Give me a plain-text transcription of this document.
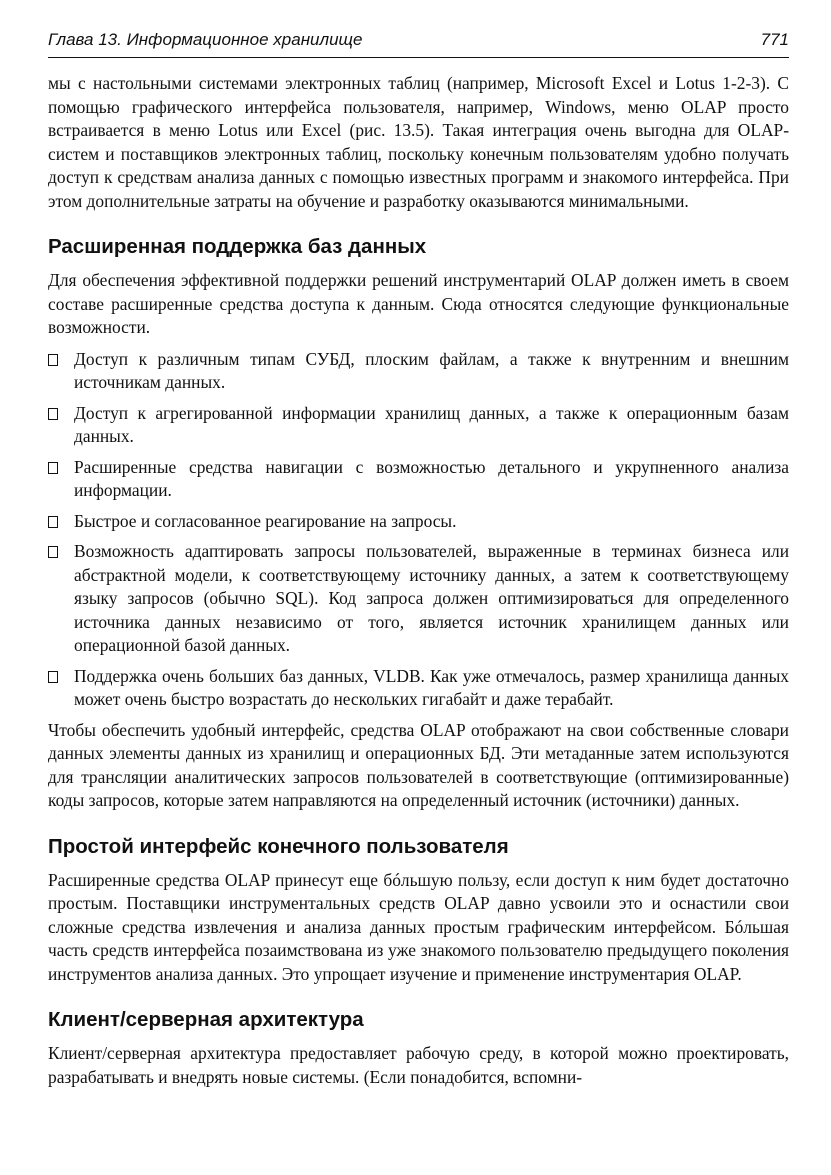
Глава 13. Информационное хранилище	771

мы с настольными системами электронных таблиц (например, Microsoft Excel и Lotus 1-2-3). С помощью графического интерфейса пользователя, например, Windows, меню OLAP просто встраивается в меню Lotus или Excel (рис. 13.5). Такая интеграция очень выгодна для OLAP-систем и поставщиков электронных таблиц, поскольку конечным пользователям удобно получать доступ к средствам анализа данных с помощью известных программ и знакомого интерфейса. При этом дополнительные затраты на обучение и разработку оказываются минимальными.

Расширенная поддержка баз данных

Для обеспечения эффективной поддержки решений инструментарий OLAP должен иметь в своем составе расширенные средства доступа к данным. Сюда относятся следующие функциональные возможности.

Доступ к различным типам СУБД, плоским файлам, а также к внутренним и внешним источникам данных.
Доступ к агрегированной информации хранилищ данных, а также к операционным базам данных.
Расширенные средства навигации с возможностью детального и укрупненного анализа информации.
Быстрое и согласованное реагирование на запросы.
Возможность адаптировать запросы пользователей, выраженные в терминах бизнеса или абстрактной модели, к соответствующему источнику данных, а затем к соответствующему языку запросов (обычно SQL). Код запроса должен оптимизироваться для определенного источника данных независимо от того, является источник хранилищем данных или операционной базой данных.
Поддержка очень больших баз данных, VLDB. Как уже отмечалось, размер хранилища данных может очень быстро возрастать до нескольких гигабайт и даже терабайт.

Чтобы обеспечить удобный интерфейс, средства OLAP отображают на свои собственные словари данных элементы данных из хранилищ и операционных БД. Эти метаданные затем используются для трансляции аналитических запросов пользователей в соответствующие (оптимизированные) коды запросов, которые затем направляются на определенный источник (источники) данных.

Простой интерфейс конечного пользователя

Расширенные средства OLAP принесут еще бóльшую пользу, если доступ к ним будет достаточно простым. Поставщики инструментальных средств OLAP давно усвоили это и оснастили свои сложные средства извлечения и анализа данных простым графическим интерфейсом. Бóльшая часть средств интерфейса позаимствована из уже знакомого пользователю предыдущего поколения инструментов анализа данных. Это упрощает изучение и применение инструментария OLAP.

Клиент/серверная архитектура

Клиент/серверная архитектура предоставляет рабочую среду, в которой можно проектировать, разрабатывать и внедрять новые системы. (Если понадобится, вспомни-
